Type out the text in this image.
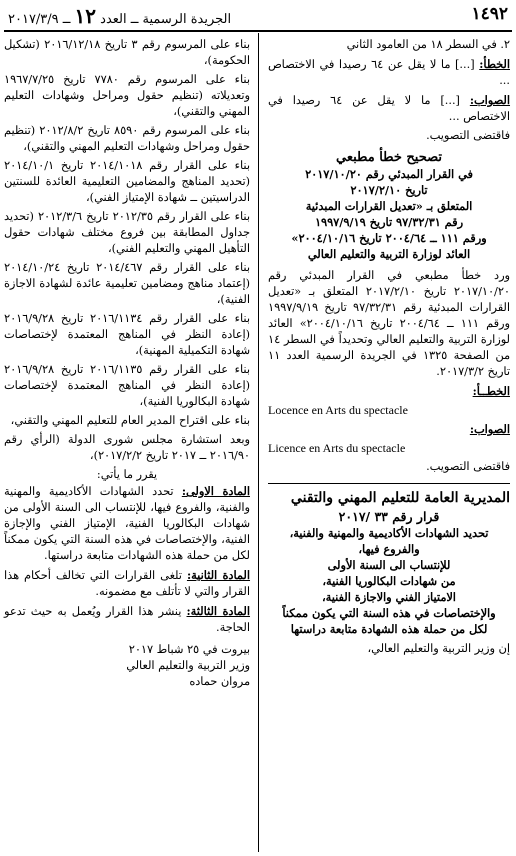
١٤٩٢
الجريدة الرسمية ــ العدد ١٢ ــ ٢٠١٧/٣/٩

٢. في السطر ١٨ من العامود الثاني

الخطأ: [...] ما لا يقل عن ٦٤ رصيدا في الاختصاص ...

الصواب: [...] ما لا يقل عن ٦٤ رصيدا في الاختصاص ...

فاقتضى التصويب.

تصحيح خطأ مطبعي

في القرار المبدئي رقم ٢٠١٧/١٠/٢٠

تاريخ ٢٠١٧/٢/١٠

المتعلق بـ «تعديل القرارات المبدئية

رقم ٩٧/٣٢/٣١ تاريخ ١٩٩٧/٩/١٩

ورقم ١١١ ــ ٢٠٠٤/٦٤ تاريخ ٢٠٠٤/١٠/١٦»

العائد لوزارة التربية والتعليم العالي

ورد خطأ مطبعي في القرار المبدئي رقم ٢٠١٧/١٠/٢٠ تاريخ ٢٠١٧/٢/١٠ المتعلق بـ «تعديل القرارات المبدئية رقم ٩٧/٣٢/٣١ تاريخ ١٩٩٧/٩/١٩ ورقم ١١١ ــ ٢٠٠٤/٦٤ تاريخ ٢٠٠٤/١٠/١٦» العائد لوزارة التربية والتعليم العالي وتحديداً في السطر ١٤ من الصفحة ١٣٢٥ في الجريدة الرسمية العدد ١١ تاريخ ٢٠١٧/٣/٢.

الخطــأ:

Locence en Arts du spectacle

الصواب:

Licence en Arts du spectacle

فاقتضى التصويب.

المديرية العامة للتعليم المهني والتقني

قرار رقم ٣٣ /٢٠١٧

تحديد الشهادات الأكاديمية والمهنية والفنية،

والفروع فيها،

للإنتساب الى السنة الأولى

من شهادات البكالوريا الفنية،

الامتياز الفني والاجازة الفنية،

والإختصاصات في هذه السنة التي يكون ممكناً

لكل من حملة هذه الشهادة متابعة دراستها

إن وزير التربية والتعليم العالي،

بناء على المرسوم رقم ٣ تاريخ ٢٠١٦/١٢/١٨ (تشكيل الحكومة)،

بناء على المرسوم رقم ٧٧٨٠ تاريخ ١٩٦٧/٧/٢٥ وتعديلاته (تنظيم حقول ومراحل وشهادات التعليم المهني والتقني)،

بناء على المرسوم رقم ٨٥٩٠ تاريخ ٢٠١٢/٨/٢ (تنظيم حقول ومراحل وشهادات التعليم المهني والتقني)،

بناء على القرار رقم ٢٠١٤/١٠١٨ تاريخ ٢٠١٤/١٠/١ (تحديد المناهج والمضامين التعليمية العائدة للسنتين الدراسيتين ــ شهادة الإمتياز الفني)،

بناء على القرار رقم ٢٠١٢/٣٥ تاريخ ٢٠١٢/٣/٦ (تحديد جداول المطابقة بين فروع مختلف شهادات حقول التأهيل المهني والتعليم الفني)،

بناء على القرار رقم ٢٠١٤/٤٦٧ تاريخ ٢٠١٤/١٠/٢٤ (إعتماد مناهج ومضامين تعليمية عائدة لشهادة الاجازة الفنية)،

بناء على القرار رقم ٢٠١٦/١١٣٤ تاريخ ٢٠١٦/٩/٢٨ (إعادة النظر في المناهج المعتمدة لإختصاصات شهادة التكميلية المهنية)،

بناء على القرار رقم ٢٠١٦/١١٣٥ تاريخ ٢٠١٦/٩/٢٨ (إعادة النظر في المناهج المعتمدة لإختصاصات شهادة البكالوريا الفنية)،

بناء على اقتراح المدير العام للتعليم المهني والتقني،

وبعد استشارة مجلس شورى الدولة (الرأي رقم ٢٠١٦/٩٠ ــ ٢٠١٧ تاريخ ٢٠١٧/٢/٢)،

يقرر ما يأتي:

المادة الاولى: تحدد الشهادات الأكاديمية والمهنية والفنية، والفروع فيها، للإنتساب الى السنة الأولى من شهادات البكالوريا الفنية، الإمتياز الفني والإجازة الفنية، والإختصاصات في هذه السنة التي يكون ممكناً لكل من حملة هذه الشهادات متابعة دراستها.

المادة الثانية: تلغى القرارات التي تخالف أحكام هذا القرار والتي لا تأتلف مع مضمونه.

المادة الثالثة: ينشر هذا القرار ويُعمل به حيث تدعو الحاجة.

بيروت في ٢٥ شباط ٢٠١٧

وزير التربية والتعليم العالي

مروان حماده
